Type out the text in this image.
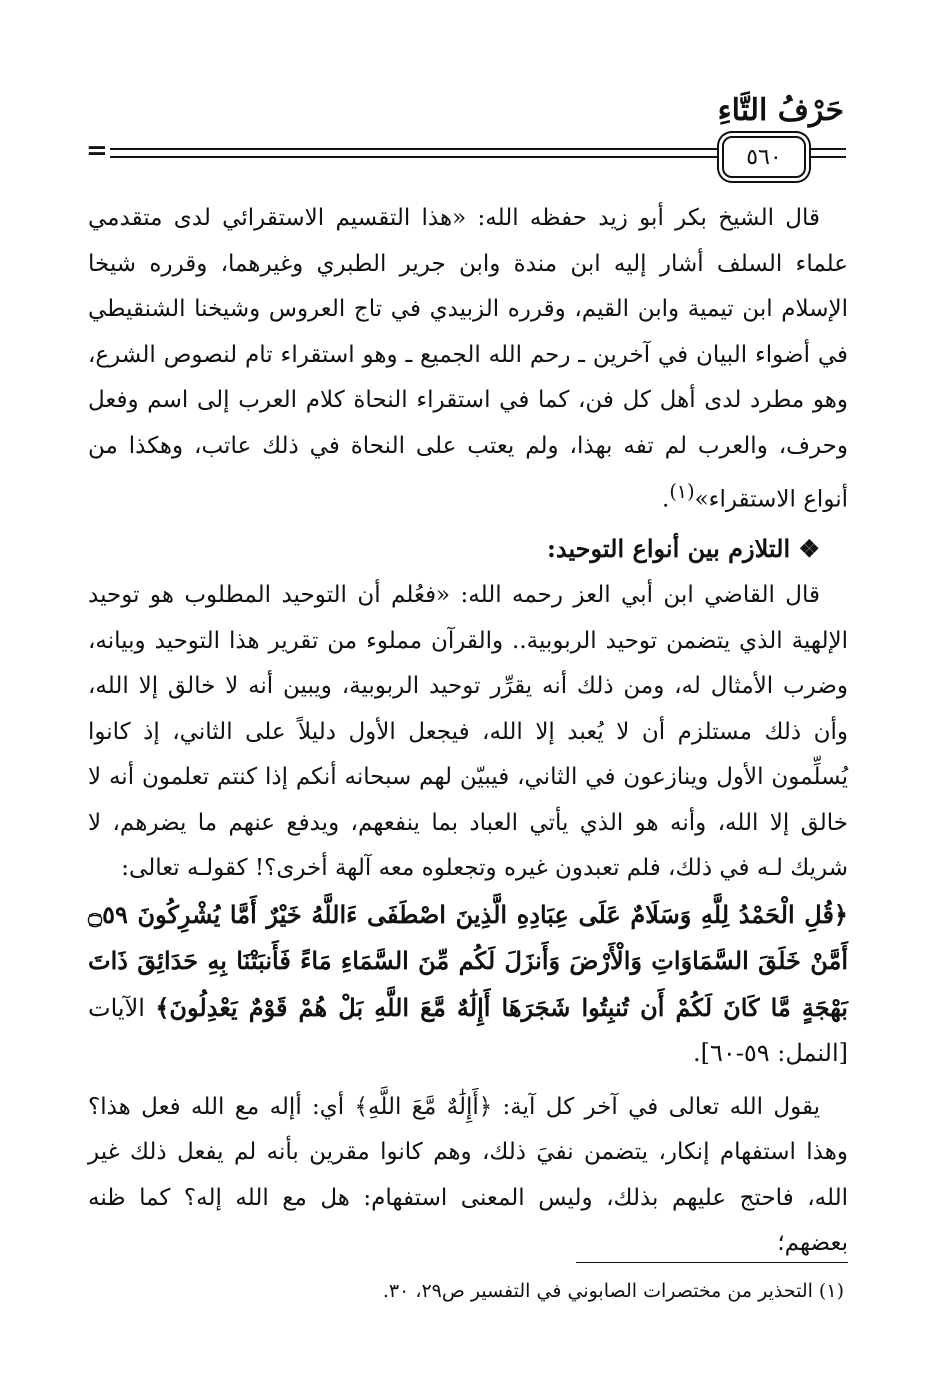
حَرْفُ التَّاءِ
=	٥٦٠

قال الشيخ بكر أبو زيد حفظه الله: «هذا التقسيم الاستقرائي لدى متقدمي علماء السلف أشار إليه ابن مندة وابن جرير الطبري وغيرهما، وقرره شيخا الإسلام ابن تيمية وابن القيم، وقرره الزبيدي في تاج العروس وشيخنا الشنقيطي في أضواء البيان في آخرين ـ رحم الله الجميع ـ وهو استقراء تام لنصوص الشرع، وهو مطرد لدى أهل كل فن، كما في استقراء النحاة كلام العرب إلى اسم وفعل وحرف، والعرب لم تفه بهذا، ولم يعتب على النحاة في ذلك عاتب، وهكذا من أنواع الاستقراء»$^{(١)}$.

❖ التلازم بين أنواع التوحيد:

قال القاضي ابن أبي العز رحمه الله: «فعُلم أن التوحيد المطلوب هو توحيد الإلهية الذي يتضمن توحيد الربوبية.. والقرآن مملوء من تقرير هذا التوحيد وبيانه، وضرب الأمثال له، ومن ذلك أنه يقرِّر توحيد الربوبية، ويبين أنه لا خالق إلا الله، وأن ذلك مستلزم أن لا يُعبد إلا الله، فيجعل الأول دليلاً على الثاني، إذ كانوا يُسلِّمون الأول وينازعون في الثاني، فيبيّن لهم سبحانه أنكم إذا كنتم تعلمون أنه لا خالق إلا الله، وأنه هو الذي يأتي العباد بما ينفعهم، ويدفع عنهم ما يضرهم، لا شريك لـه في ذلك، فلم تعبدون غيره وتجعلوه معه آلهة أخرى؟! كقولـه تعالى:

﴿قُلِ الْحَمْدُ لِلَّهِ وَسَلَامٌ عَلَى عِبَادِهِ الَّذِينَ اصْطَفَى ءَاللَّهُ خَيْرٌ أَمَّا يُشْرِكُونَ ۝٥٩ أَمَّنْ خَلَقَ السَّمَاوَاتِ وَالْأَرْضَ وَأَنزَلَ لَكُم مِّنَ السَّمَاءِ مَاءً فَأَنبَتْنَا بِهِ حَدَائِقَ ذَاتَ بَهْجَةٍ مَّا كَانَ لَكُمْ أَن تُنبِتُوا شَجَرَهَا أَإِلَٰهٌ مَّعَ اللَّهِ بَلْ هُمْ قَوْمٌ يَعْدِلُونَ﴾ الآيات [النمل: ٥٩-٦٠].

يقول الله تعالى في آخر كل آية: ﴿أَإِلَٰهٌ مَّعَ اللَّهِ﴾ أي: أإله مع الله فعل هذا؟ وهذا استفهام إنكار، يتضمن نفيَ ذلك، وهم كانوا مقرين بأنه لم يفعل ذلك غير الله، فاحتج عليهم بذلك، وليس المعنى استفهام: هل مع الله إله؟ كما ظنه بعضهم؛

(١) التحذير من مختصرات الصابوني في التفسير ص٢٩، ٣٠.
